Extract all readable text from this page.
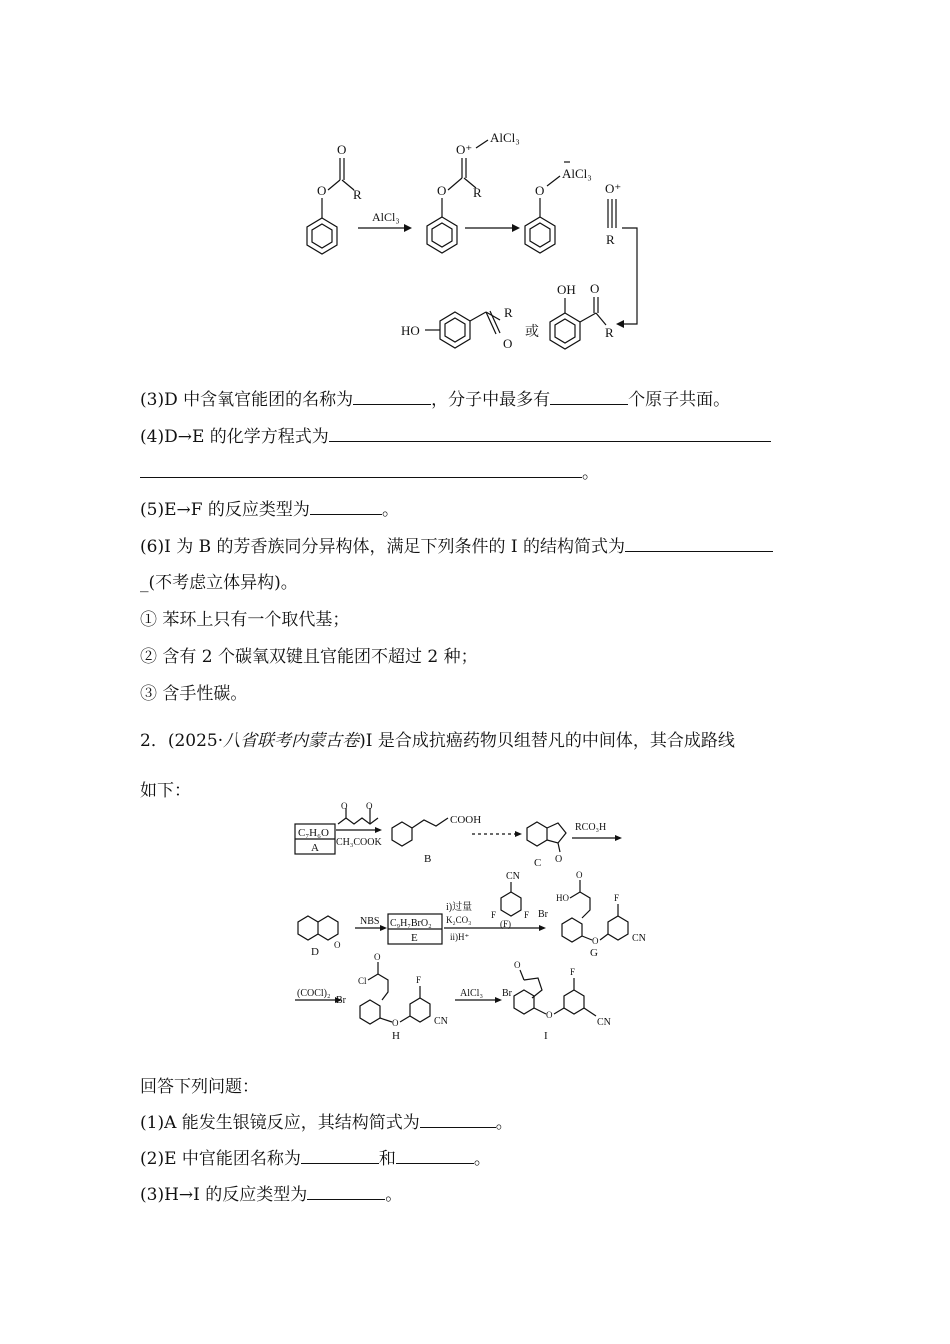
O
O
R
AlCl₃
O
O⁺
AlCl₃
R	O
AlCl₃
O⁺
R
HO
R
O
或
OH O
R
(3)D 中含氧官能团的名称为	，分子中最多有	个原子共面。
(4)D→E 的化学方程式为
。
(5)E→F 的反应类型为	。
(6)I 为 B 的芳香族同分异构体，满足下列条件的 I 的结构简式为
_(不考虑立体异构)。
① 苯环上只有一个取代基；
② 含有 2 个碳氧双键且官能团不超过 2 种；
③ 含手性碳。
2．(2025·八省联考内蒙古卷)I 是合成抗癌药物贝组替凡的中间体，其合成路线
如下：
C₇H₆O
A
O O
CH₃COOK
COOH
B	O
C
RCO₃H
O
D
NBS C₉H₇BrO₂
E
i)过量
K₂CO₃
ii)H⁺
CN
F	F
(F)
HO
O
Br
O
F
CN
G
(COCl)₂
Cl
O
Br
O
F
CN
H
AlCl₃
O
Br
O
F
CN
I
回答下列问题：
(1)A 能发生银镜反应，其结构简式为	。
(2)E 中官能团名称为	和	。
(3)H→I 的反应类型为	。
